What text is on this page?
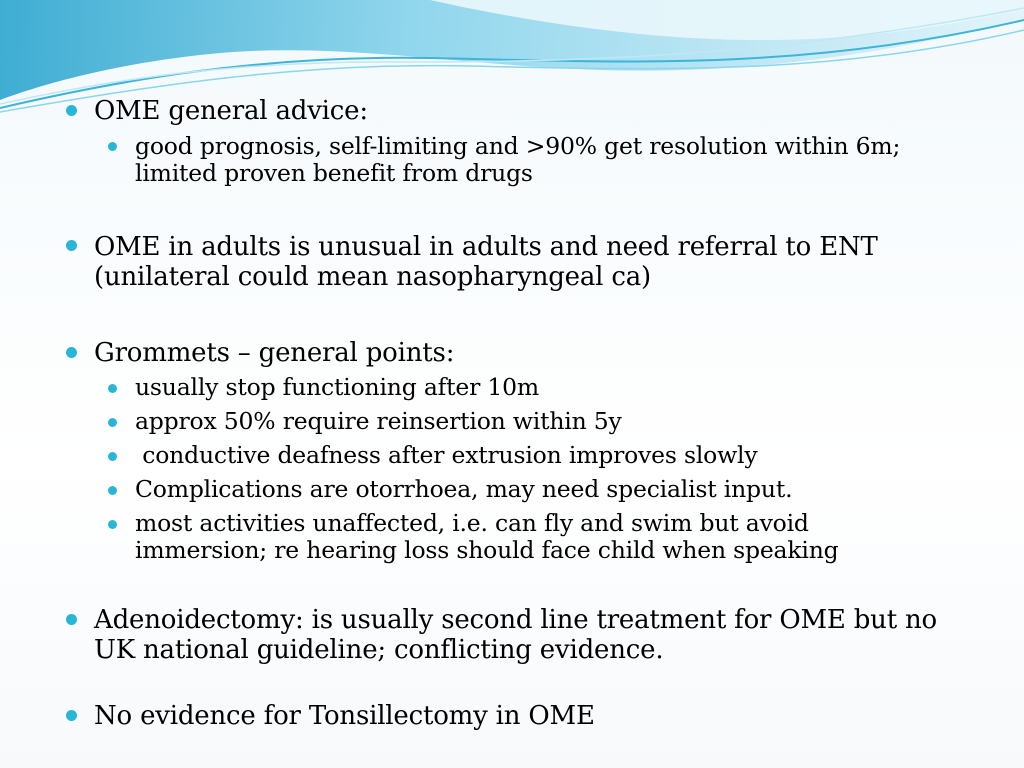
OME general advice:

good prognosis, self-limiting and >90% get resolution within 6m; limited proven benefit from drugs

OME in adults is unusual in adults and need referral to ENT (unilateral could mean nasopharyngeal ca)

Grommets – general points:

usually stop functioning after 10m

approx 50% require reinsertion within 5y

conductive deafness after extrusion improves slowly

Complications are otorrhoea, may need specialist input.

most activities unaffected, i.e. can fly and swim but avoid immersion; re hearing loss should face child when speaking

Adenoidectomy: is usually second line treatment for OME but no UK national guideline; conflicting evidence.

No evidence for Tonsillectomy in OME
